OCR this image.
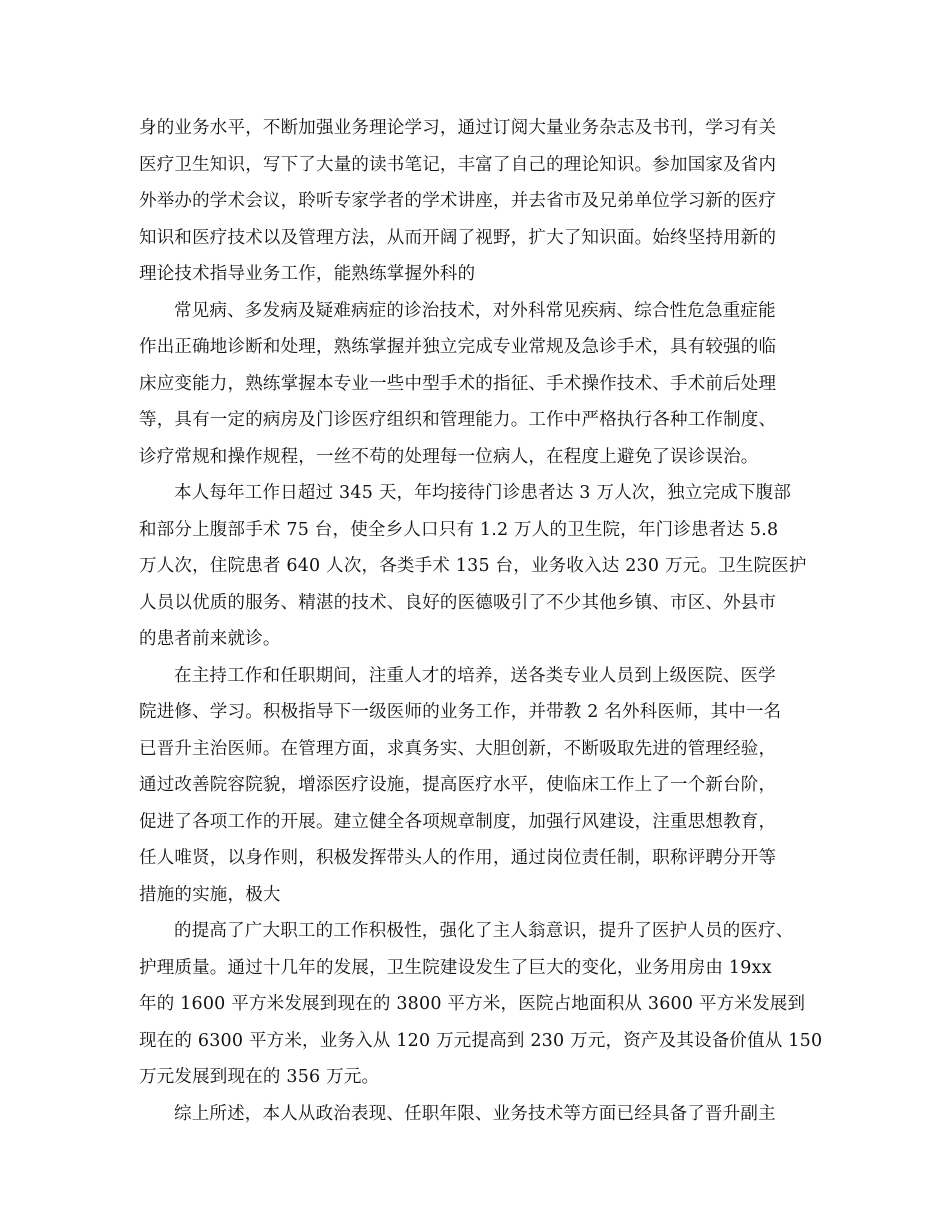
身的业务水平，不断加强业务理论学习，通过订阅大量业务杂志及书刊，学习有关
医疗卫生知识，写下了大量的读书笔记，丰富了自己的理论知识。参加国家及省内
外举办的学术会议，聆听专家学者的学术讲座，并去省市及兄弟单位学习新的医疗
知识和医疗技术以及管理方法，从而开阔了视野，扩大了知识面。始终坚持用新的
理论技术指导业务工作，能熟练掌握外科的
常见病、多发病及疑难病症的诊治技术，对外科常见疾病、综合性危急重症能
作出正确地诊断和处理，熟练掌握并独立完成专业常规及急诊手术，具有较强的临
床应变能力，熟练掌握本专业一些中型手术的指征、手术操作技术、手术前后处理
等，具有一定的病房及门诊医疗组织和管理能力。工作中严格执行各种工作制度、
诊疗常规和操作规程，一丝不苟的处理每一位病人，在程度上避免了误诊误治。
本人每年工作日超过 345 天，年均接待门诊患者达 3 万人次，独立完成下腹部
和部分上腹部手术 75 台，使全乡人口只有 1.2 万人的卫生院，年门诊患者达 5.8
万人次，住院患者 640 人次，各类手术 135 台，业务收入达 230 万元。卫生院医护
人员以优质的服务、精湛的技术、良好的医德吸引了不少其他乡镇、市区、外县市
的患者前来就诊。
在主持工作和任职期间，注重人才的培养，送各类专业人员到上级医院、医学
院进修、学习。积极指导下一级医师的业务工作，并带教 2 名外科医师，其中一名
已晋升主治医师。在管理方面，求真务实、大胆创新，不断吸取先进的管理经验，
通过改善院容院貌，增添医疗设施，提高医疗水平，使临床工作上了一个新台阶，
促进了各项工作的开展。建立健全各项规章制度，加强行风建设，注重思想教育，
任人唯贤，以身作则，积极发挥带头人的作用，通过岗位责任制，职称评聘分开等
措施的实施，极大
的提高了广大职工的工作积极性，强化了主人翁意识，提升了医护人员的医疗、
护理质量。通过十几年的发展，卫生院建设发生了巨大的变化，业务用房由 19xx
年的 1600 平方米发展到现在的 3800 平方米，医院占地面积从 3600 平方米发展到
现在的 6300 平方米，业务入从 120 万元提高到 230 万元，资产及其设备价值从 150
万元发展到现在的 356 万元。
综上所述，本人从政治表现、任职年限、业务技术等方面已经具备了晋升副主
